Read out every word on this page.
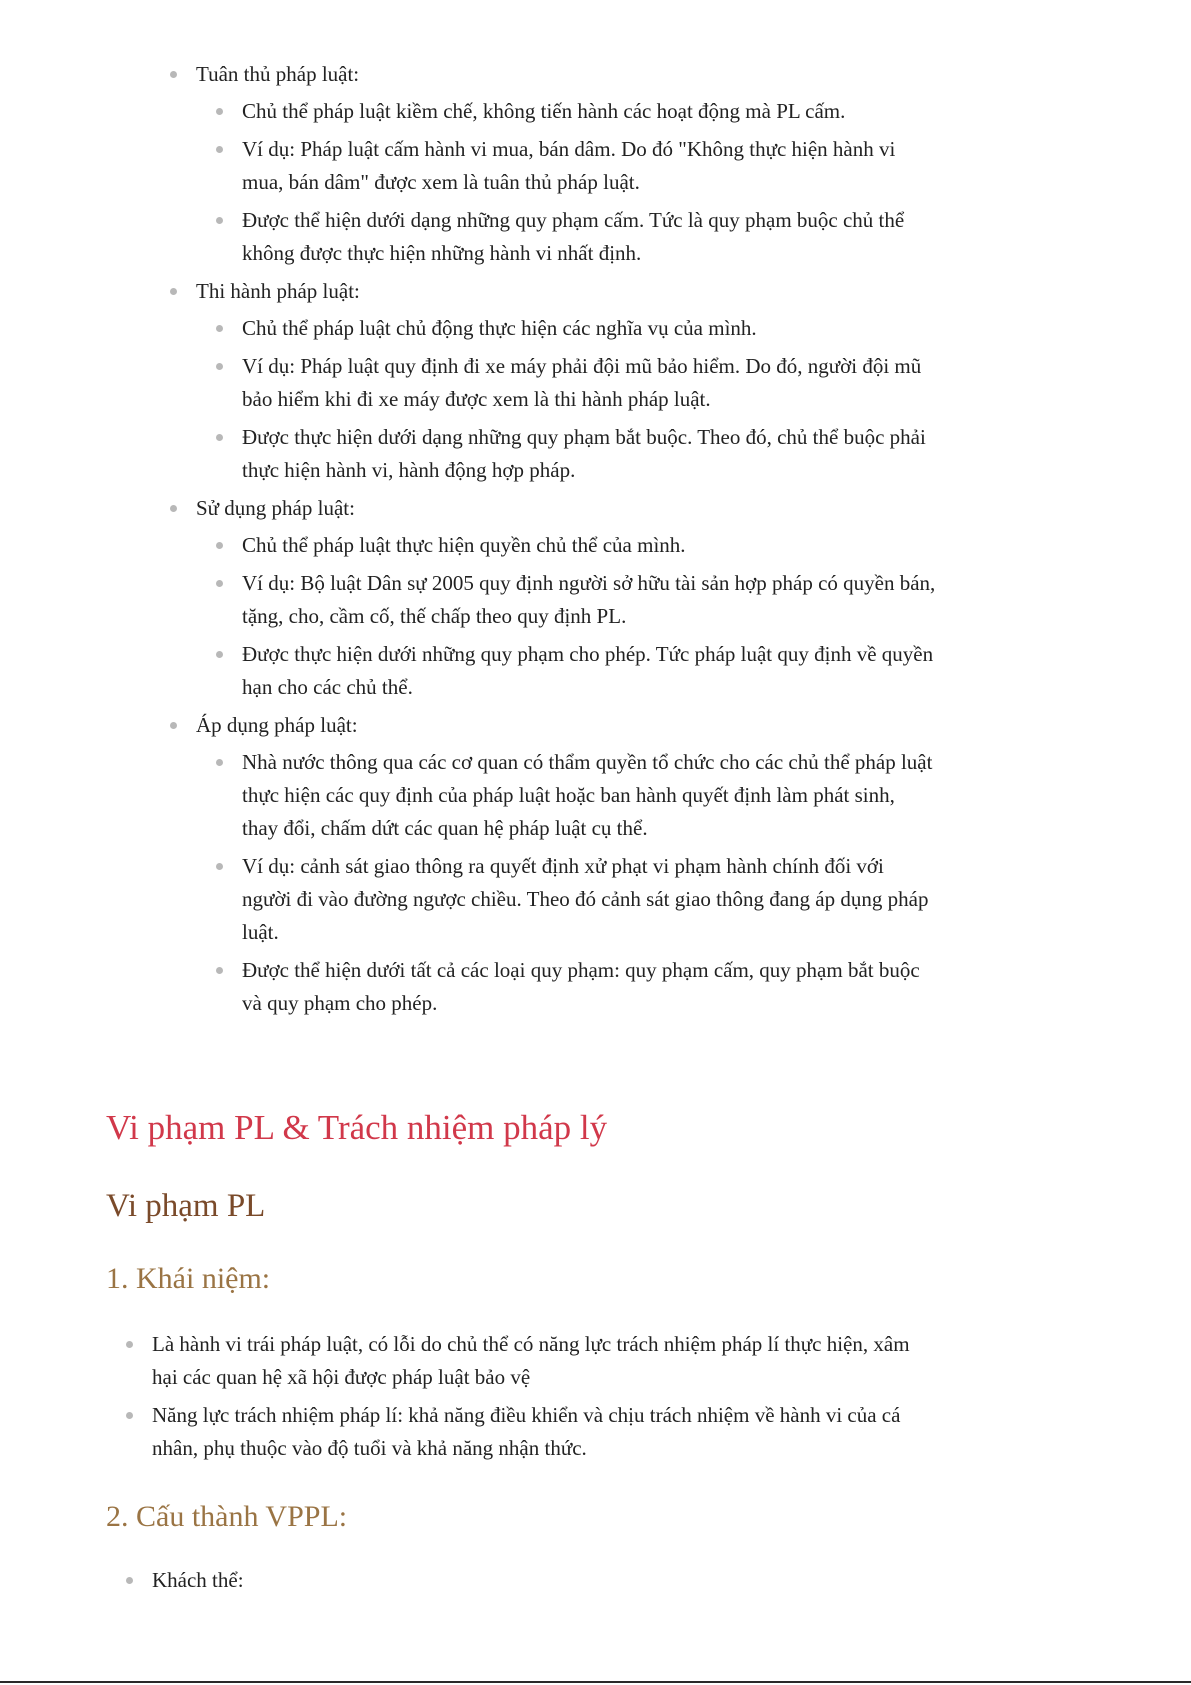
Tuân thủ pháp luật:
Chủ thể pháp luật kiềm chế, không tiến hành các hoạt động mà PL cấm.
Ví dụ: Pháp luật cấm hành vi mua, bán dâm. Do đó "Không thực hiện hành vi mua, bán dâm" được xem là tuân thủ pháp luật.
Được thể hiện dưới dạng những quy phạm cấm. Tức là quy phạm buộc chủ thể không được thực hiện những hành vi nhất định.
Thi hành pháp luật:
Chủ thể pháp luật chủ động thực hiện các nghĩa vụ của mình.
Ví dụ: Pháp luật quy định đi xe máy phải đội mũ bảo hiểm. Do đó, người đội mũ bảo hiểm khi đi xe máy được xem là thi hành pháp luật.
Được thực hiện dưới dạng những quy phạm bắt buộc. Theo đó, chủ thể buộc phải thực hiện hành vi, hành động hợp pháp.
Sử dụng pháp luật:
Chủ thể pháp luật thực hiện quyền chủ thể của mình.
Ví dụ: Bộ luật Dân sự 2005 quy định người sở hữu tài sản hợp pháp có quyền bán, tặng, cho, cầm cố, thế chấp theo quy định PL.
Được thực hiện dưới những quy phạm cho phép. Tức pháp luật quy định về quyền hạn cho các chủ thể.
Áp dụng pháp luật:
Nhà nước thông qua các cơ quan có thẩm quyền tổ chức cho các chủ thể pháp luật thực hiện các quy định của pháp luật hoặc ban hành quyết định làm phát sinh, thay đổi, chấm dứt các quan hệ pháp luật cụ thể.
Ví dụ: cảnh sát giao thông ra quyết định xử phạt vi phạm hành chính đối với người đi vào đường ngược chiều. Theo đó cảnh sát giao thông đang áp dụng pháp luật.
Được thể hiện dưới tất cả các loại quy phạm: quy phạm cấm, quy phạm bắt buộc và quy phạm cho phép.
Vi phạm PL & Trách nhiệm pháp lý
Vi phạm PL
1. Khái niệm:
Là hành vi trái pháp luật, có lỗi do chủ thể có năng lực trách nhiệm pháp lí thực hiện, xâm hại các quan hệ xã hội được pháp luật bảo vệ
Năng lực trách nhiệm pháp lí: khả năng điều khiển và chịu trách nhiệm về hành vi của cá nhân, phụ thuộc vào độ tuổi và khả năng nhận thức.
2. Cấu thành VPPL:
Khách thể:
